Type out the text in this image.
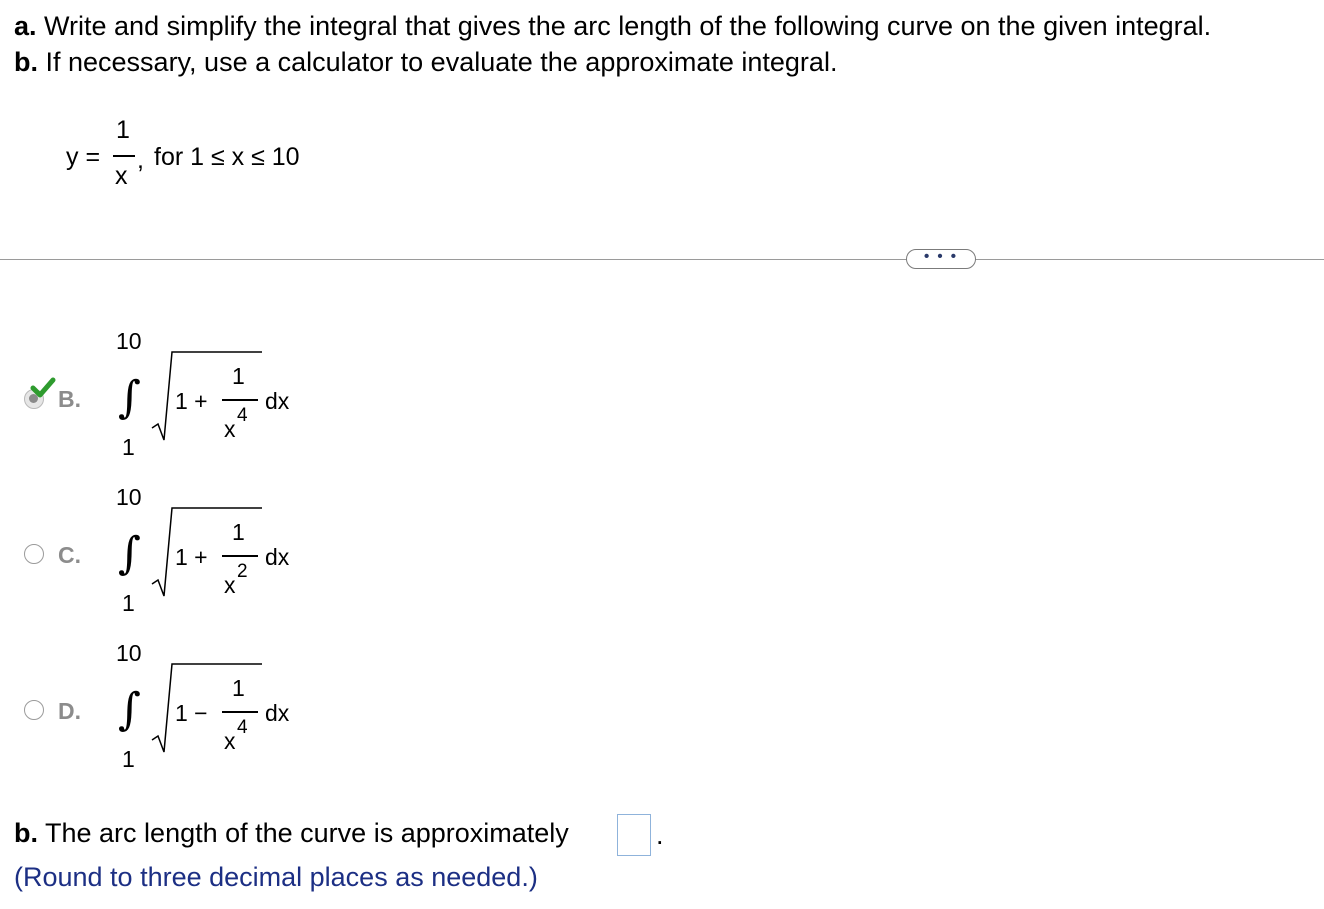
a. Write and simplify the integral that gives the arc length of the following curve on the given integral.
b. If necessary, use a calculator to evaluate the approximate integral.
y =
1
x
, for 1 ≤ x ≤ 10
• • •
B.
10
∫
1
1 +
1
x
4
dx
C.
10
∫
1
1 +
1
x
2
dx
D.
10
∫
1
1 −
1
x
4
dx
b. The arc length of the curve is approximately	.
(Round to three decimal places as needed.)
